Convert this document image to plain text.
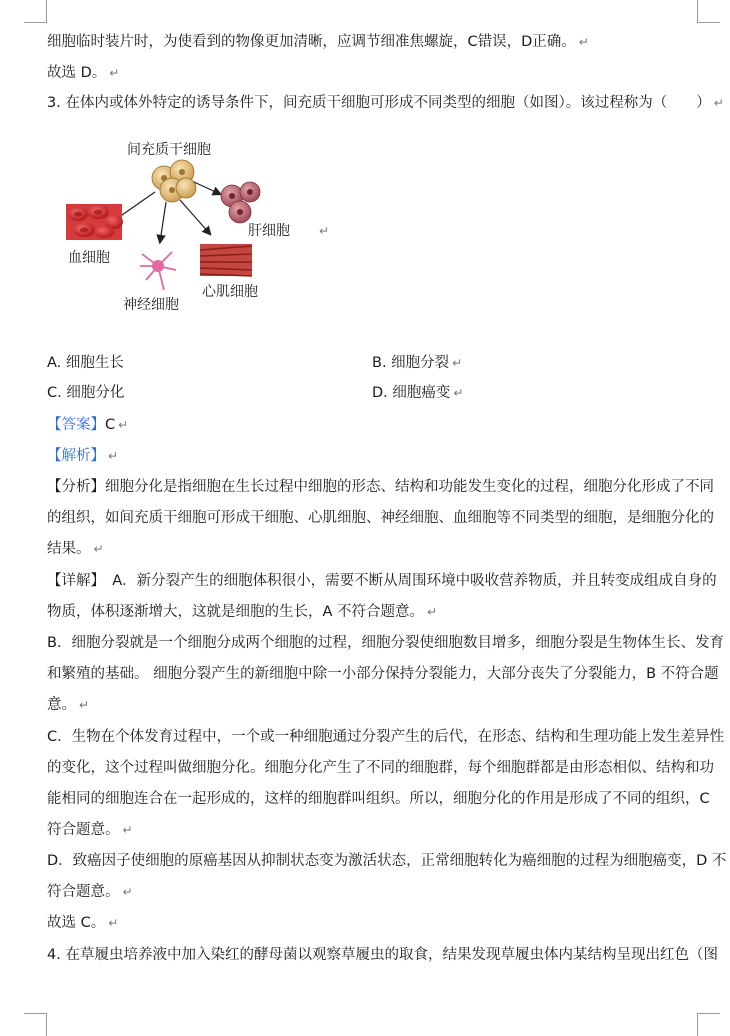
细胞临时装片时，为使看到的物像更加清晰，应调节细准焦螺旋，C错误，D正确。 ↵
故选 D。 ↵
3. 在体内或体外特定的诱导条件下，间充质干细胞可形成不同类型的细胞（如图）。该过程称为（　　） ↵
间充质干细胞
血细胞
肝细胞
神经细胞
心肌细胞
↵
A. 细胞生长	B. 细胞分裂 ↵
C. 细胞分化	D. 细胞癌变 ↵
【答案】C ↵
【解析】 ↵
【分析】细胞分化是指细胞在生长过程中细胞的形态、结构和功能发生变化的过程，细胞分化形成了不同
的组织，如间充质干细胞可形成干细胞、心肌细胞、神经细胞、血细胞等不同类型的细胞，是细胞分化的
结果。 ↵
【详解】　 A．新分裂产生的细胞体积很小，需要不断从周围环境中吸收营养物质，并且转变成组成自身的
物质，体积逐渐增大，这就是细胞的生长，A 不符合题意。 ↵
B．细胞分裂就是一个细胞分成两个细胞的过程，细胞分裂使细胞数目增多，细胞分裂是生物体生长、发育
和繁殖的基础。 细胞分裂产生的新细胞中除一小部分保持分裂能力，大部分丧失了分裂能力，B 不符合题
意。 ↵
C．生物在个体发育过程中，一个或一种细胞通过分裂产生的后代，在形态、结构和生理功能上发生差异性
的变化，这个过程叫做细胞分化。细胞分化产生了不同的细胞群，每个细胞群都是由形态相似、结构和功
能相同的细胞连合在一起形成的，这样的细胞群叫组织。所以，细胞分化的作用是形成了不同的组织，C
符合题意。 ↵
D．致癌因子使细胞的原癌基因从抑制状态变为激活状态，正常细胞转化为癌细胞的过程为细胞癌变，D 不
符合题意。 ↵
故选 C。 ↵
4. 在草履虫培养液中加入染红的酵母菌以观察草履虫的取食，结果发现草履虫体内某结构呈现出红色（图
